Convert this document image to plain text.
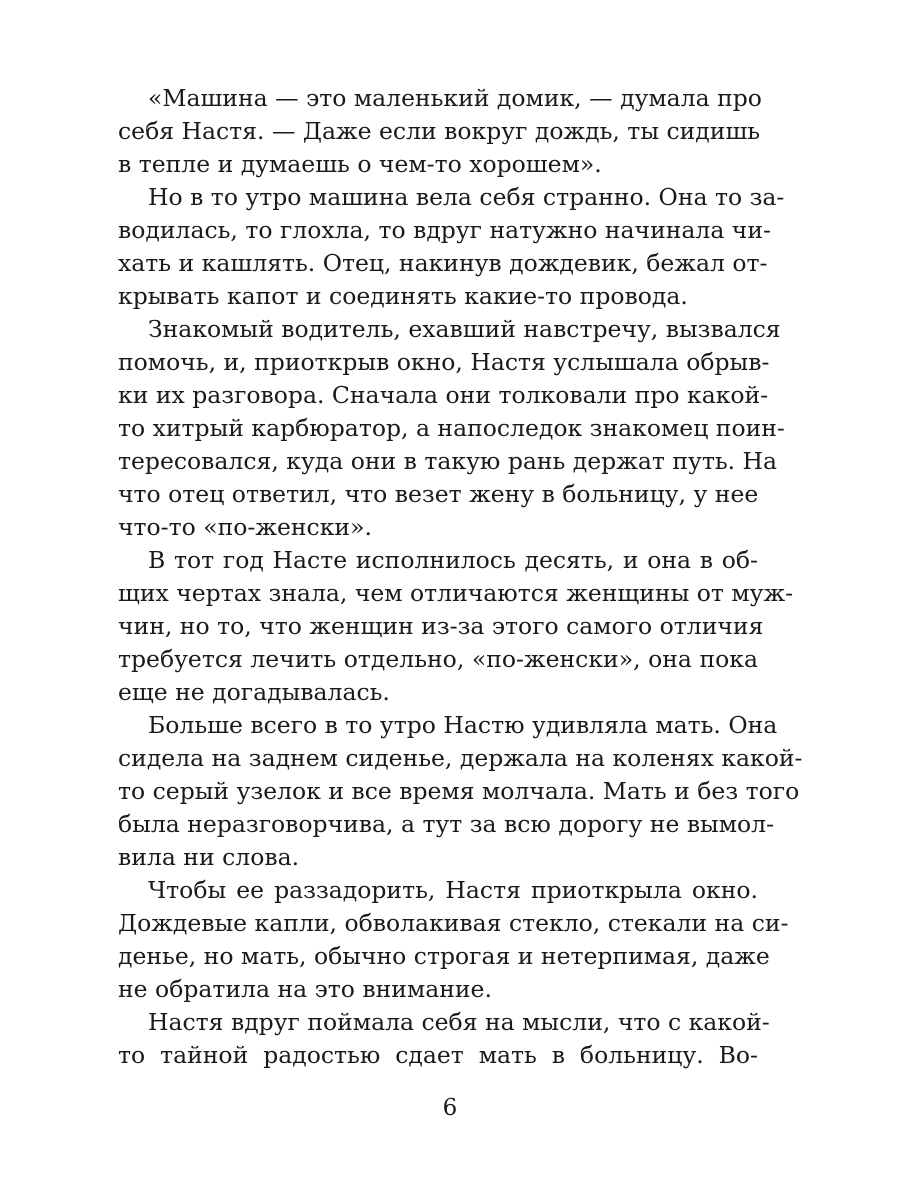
«Машина — это маленький домик, — думала про
себя Настя. — Даже если вокруг дождь, ты сидишь
в тепле и думаешь о чем-то хорошем».
Но в то утро машина вела себя странно. Она то за-
водилась, то глохла, то вдруг натужно начинала чи-
хать и кашлять. Отец, накинув дождевик, бежал от-
крывать капот и соединять какие-то провода.
Знакомый водитель, ехавший навстречу, вызвался
помочь, и, приоткрыв окно, Настя услышала обрыв-
ки их разговора. Сначала они толковали про какой-
то хитрый карбюратор, а напоследок знакомец поин-
тересовался, куда они в такую рань держат путь. На
что отец ответил, что везет жену в больницу, у нее
что-то «по-женски».
В тот год Насте исполнилось десять, и она в об-
щих чертах знала, чем отличаются женщины от муж-
чин, но то, что женщин из-за этого самого отличия
требуется лечить отдельно, «по-женски», она пока
еще не догадывалась.
Больше всего в то утро Настю удивляла мать. Она
сидела на заднем сиденье, держала на коленях какой-
то серый узелок и все время молчала. Мать и без того
была неразговорчива, а тут за всю дорогу не вымол-
вила ни слова.
Чтобы ее раззадорить, Настя приоткрыла окно.
Дождевые капли, обволакивая стекло, стекали на си-
денье, но мать, обычно строгая и нетерпимая, даже
не обратила на это внимание.
Настя вдруг поймала себя на мысли, что с какой-
то тайной радостью сдает мать в больницу. Во-
6
